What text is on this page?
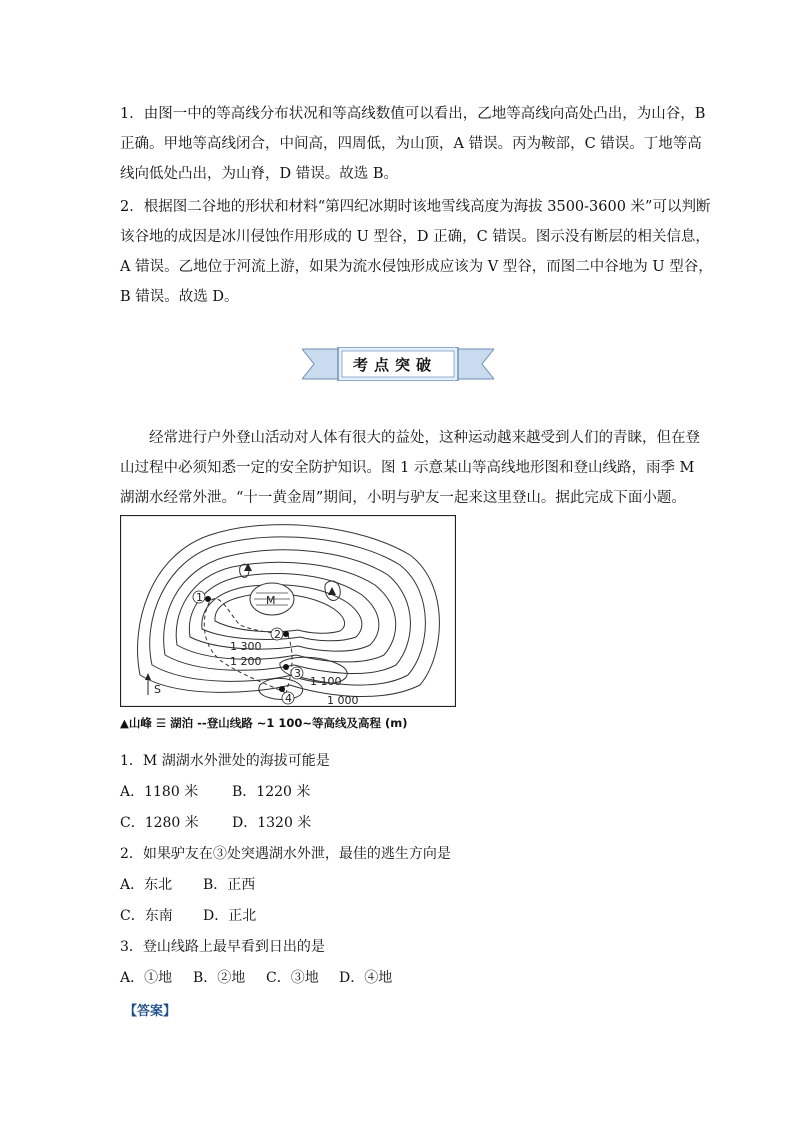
1．由图一中的等高线分布状况和等高线数值可以看出，乙地等高线向高处凸出，为山谷，B
正确。甲地等高线闭合，中间高，四周低，为山顶，A 错误。丙为鞍部，C 错误。丁地等高
线向低处凸出，为山脊，D 错误。故选 B。

2．根据图二谷地的形状和材料“第四纪冰期时该地雪线高度为海拔 3500-3600 米”可以判断
该谷地的成因是冰川侵蚀作用形成的 U 型谷，D 正确，C 错误。图示没有断层的相关信息，
A 错误。乙地位于河流上游，如果为流水侵蚀形成应该为 V 型谷，而图二中谷地为 U 型谷，
B 错误。故选 D。

考点突破

经常进行户外登山活动对人体有很大的益处，这种运动越来越受到人们的青睐，但在登
山过程中必须知悉一定的安全防护知识。图 1 示意某山等高线地形图和登山线路，雨季 M
湖湖水经常外泄。“十一黄金周”期间，小明与驴友一起来这里登山。据此完成下面小题。

M
1
2
3
4
1 300
1 200
1 100
1 000
S
▲山峰 ☰ 湖泊 --登山线路 ~1 100~等高线及高程 (m)
1．M 湖湖水外泄处的海拔可能是
A．1180 米 B．1220 米
C．1280 米 D．1320 米
2．如果驴友在③处突遇湖水外泄，最佳的逃生方向是
A．东北 B．正西
C．东南 D．正北
3．登山线路上最早看到日出的是
A．①地 B．②地 C．③地 D．④地
【答案】
